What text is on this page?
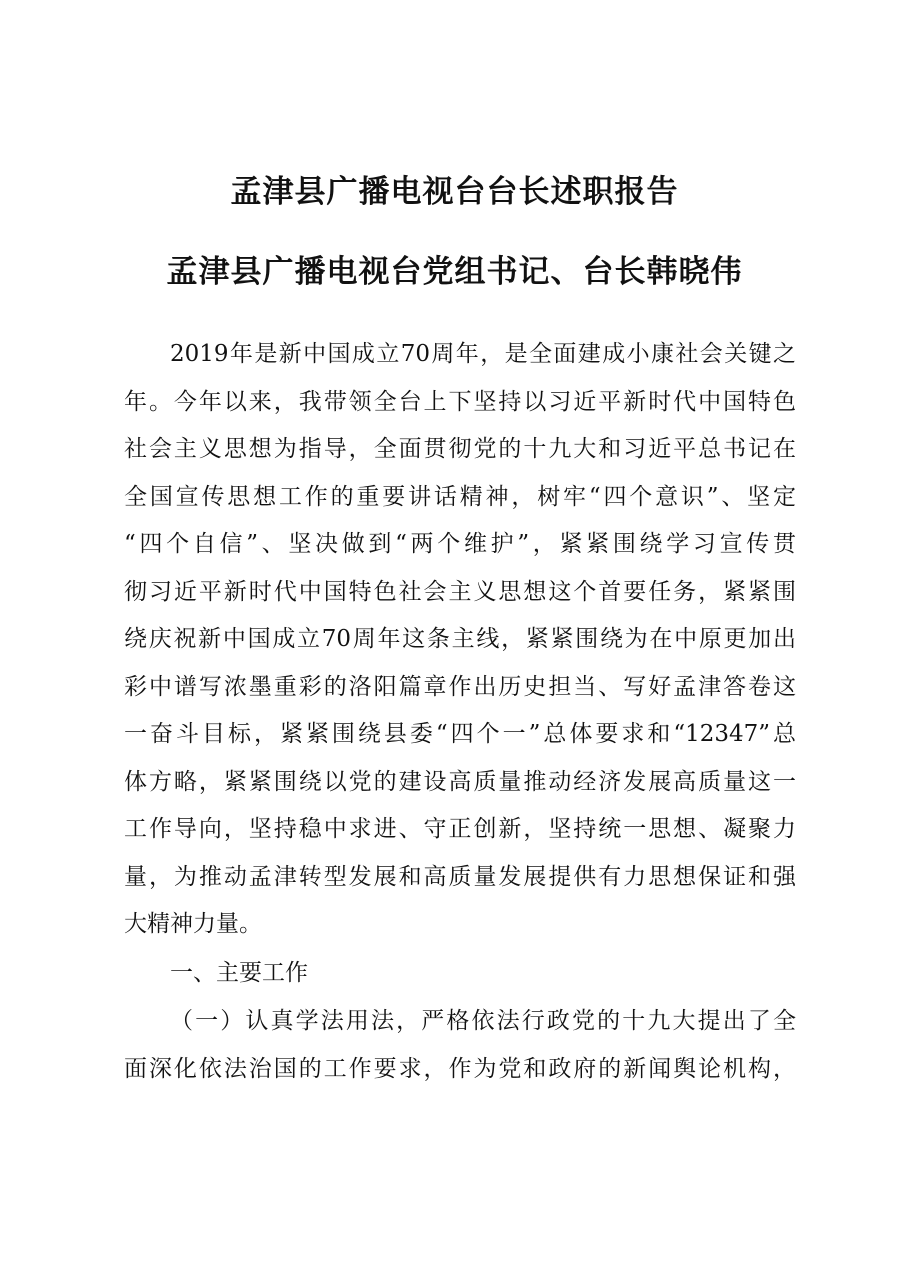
孟津县广播电视台台长述职报告
孟津县广播电视台党组书记、台长韩晓伟
2019年是新中国成立70周年，是全面建成小康社会关键之
年。今年以来，我带领全台上下坚持以习近平新时代中国特色
社会主义思想为指导，全面贯彻党的十九大和习近平总书记在
全国宣传思想工作的重要讲话精神，树牢“四个意识”、坚定
“四个自信”、坚决做到“两个维护”，紧紧围绕学习宣传贯
彻习近平新时代中国特色社会主义思想这个首要任务，紧紧围
绕庆祝新中国成立70周年这条主线，紧紧围绕为在中原更加出
彩中谱写浓墨重彩的洛阳篇章作出历史担当、写好孟津答卷这
一奋斗目标，紧紧围绕县委“四个一”总体要求和“12347”总
体方略，紧紧围绕以党的建设高质量推动经济发展高质量这一
工作导向，坚持稳中求进、守正创新，坚持统一思想、凝聚力
量，为推动孟津转型发展和高质量发展提供有力思想保证和强
大精神力量。
一、主要工作
（一）认真学法用法，严格依法行政党的十九大提出了全
面深化依法治国的工作要求，作为党和政府的新闻舆论机构，
